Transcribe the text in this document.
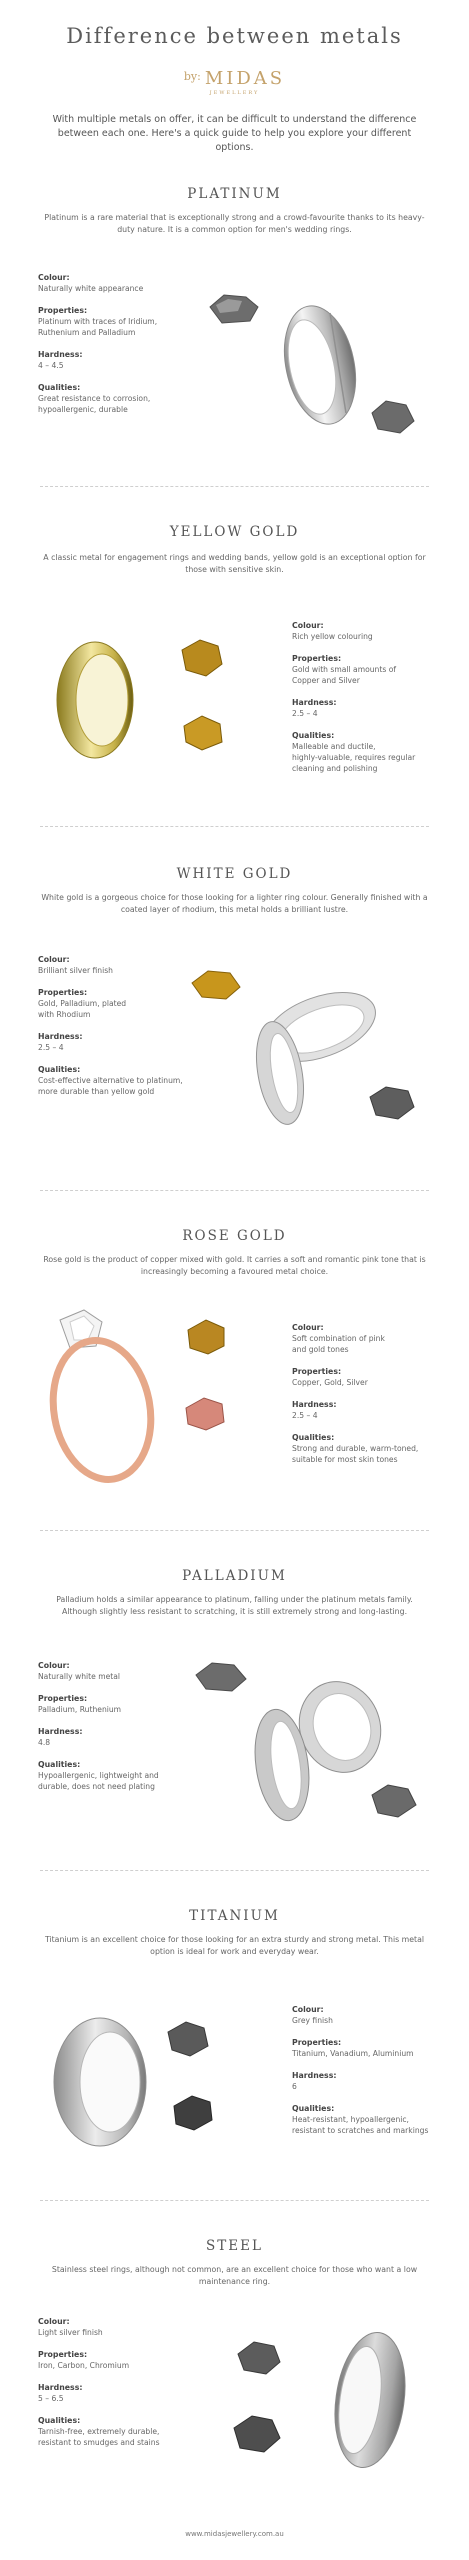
Difference between metals
$^{by:}$ MIDAS
JEWELLERY
With multiple metals on offer, it can be difficult to understand the difference between each one. Here's a quick guide to help you explore your different options.
PLATINUM
Platinum is a rare material that is exceptionally strong and a crowd-favourite thanks to its heavy-duty nature. It is a common option for men's wedding rings.
Colour:
Naturally white appearance
Properties:
Platinum with traces of Iridium,
Ruthenium and Palladium
Hardness:
4 – 4.5
Qualities:
Great resistance to corrosion,
hypoallergenic, durable
YELLOW GOLD
A classic metal for engagement rings and wedding bands, yellow gold is an exceptional option for those with sensitive skin.
Colour:
Rich yellow colouring
Properties:
Gold with small amounts of
Copper and Silver
Hardness:
2.5 – 4
Qualities:
Malleable and ductile,
highly-valuable, requires regular
cleaning and polishing
WHITE GOLD
White gold is a gorgeous choice for those looking for a lighter ring colour. Generally finished with a coated layer of rhodium, this metal holds a brilliant lustre.
Colour:
Brilliant silver finish
Properties:
Gold, Palladium, plated
with Rhodium
Hardness:
2.5 – 4
Qualities:
Cost-effective alternative to platinum,
more durable than yellow gold
ROSE GOLD
Rose gold is the product of copper mixed with gold. It carries a soft and romantic pink tone that is increasingly becoming a favoured metal choice.
Colour:
Soft combination of pink
and gold tones
Properties:
Copper, Gold, Silver
Hardness:
2.5 – 4
Qualities:
Strong and durable, warm-toned,
suitable for most skin tones
PALLADIUM
Palladium holds a similar appearance to platinum, falling under the platinum metals family. Although slightly less resistant to scratching, it is still extremely strong and long-lasting.
Colour:
Naturally white metal
Properties:
Palladium, Ruthenium
Hardness:
4.8
Qualities:
Hypoallergenic, lightweight and
durable, does not need plating
TITANIUM
Titanium is an excellent choice for those looking for an extra sturdy and strong metal. This metal option is ideal for work and everyday wear.
Colour:
Grey finish
Properties:
Titanium, Vanadium, Aluminium
Hardness:
6
Qualities:
Heat-resistant, hypoallergenic,
resistant to scratches and markings
STEEL
Stainless steel rings, although not common, are an excellent choice for those who want a low maintenance ring.
Colour:
Light silver finish
Properties:
Iron, Carbon, Chromium
Hardness:
5 – 6.5
Qualities:
Tarnish-free, extremely durable,
resistant to smudges and stains
www.midasjewellery.com.au
